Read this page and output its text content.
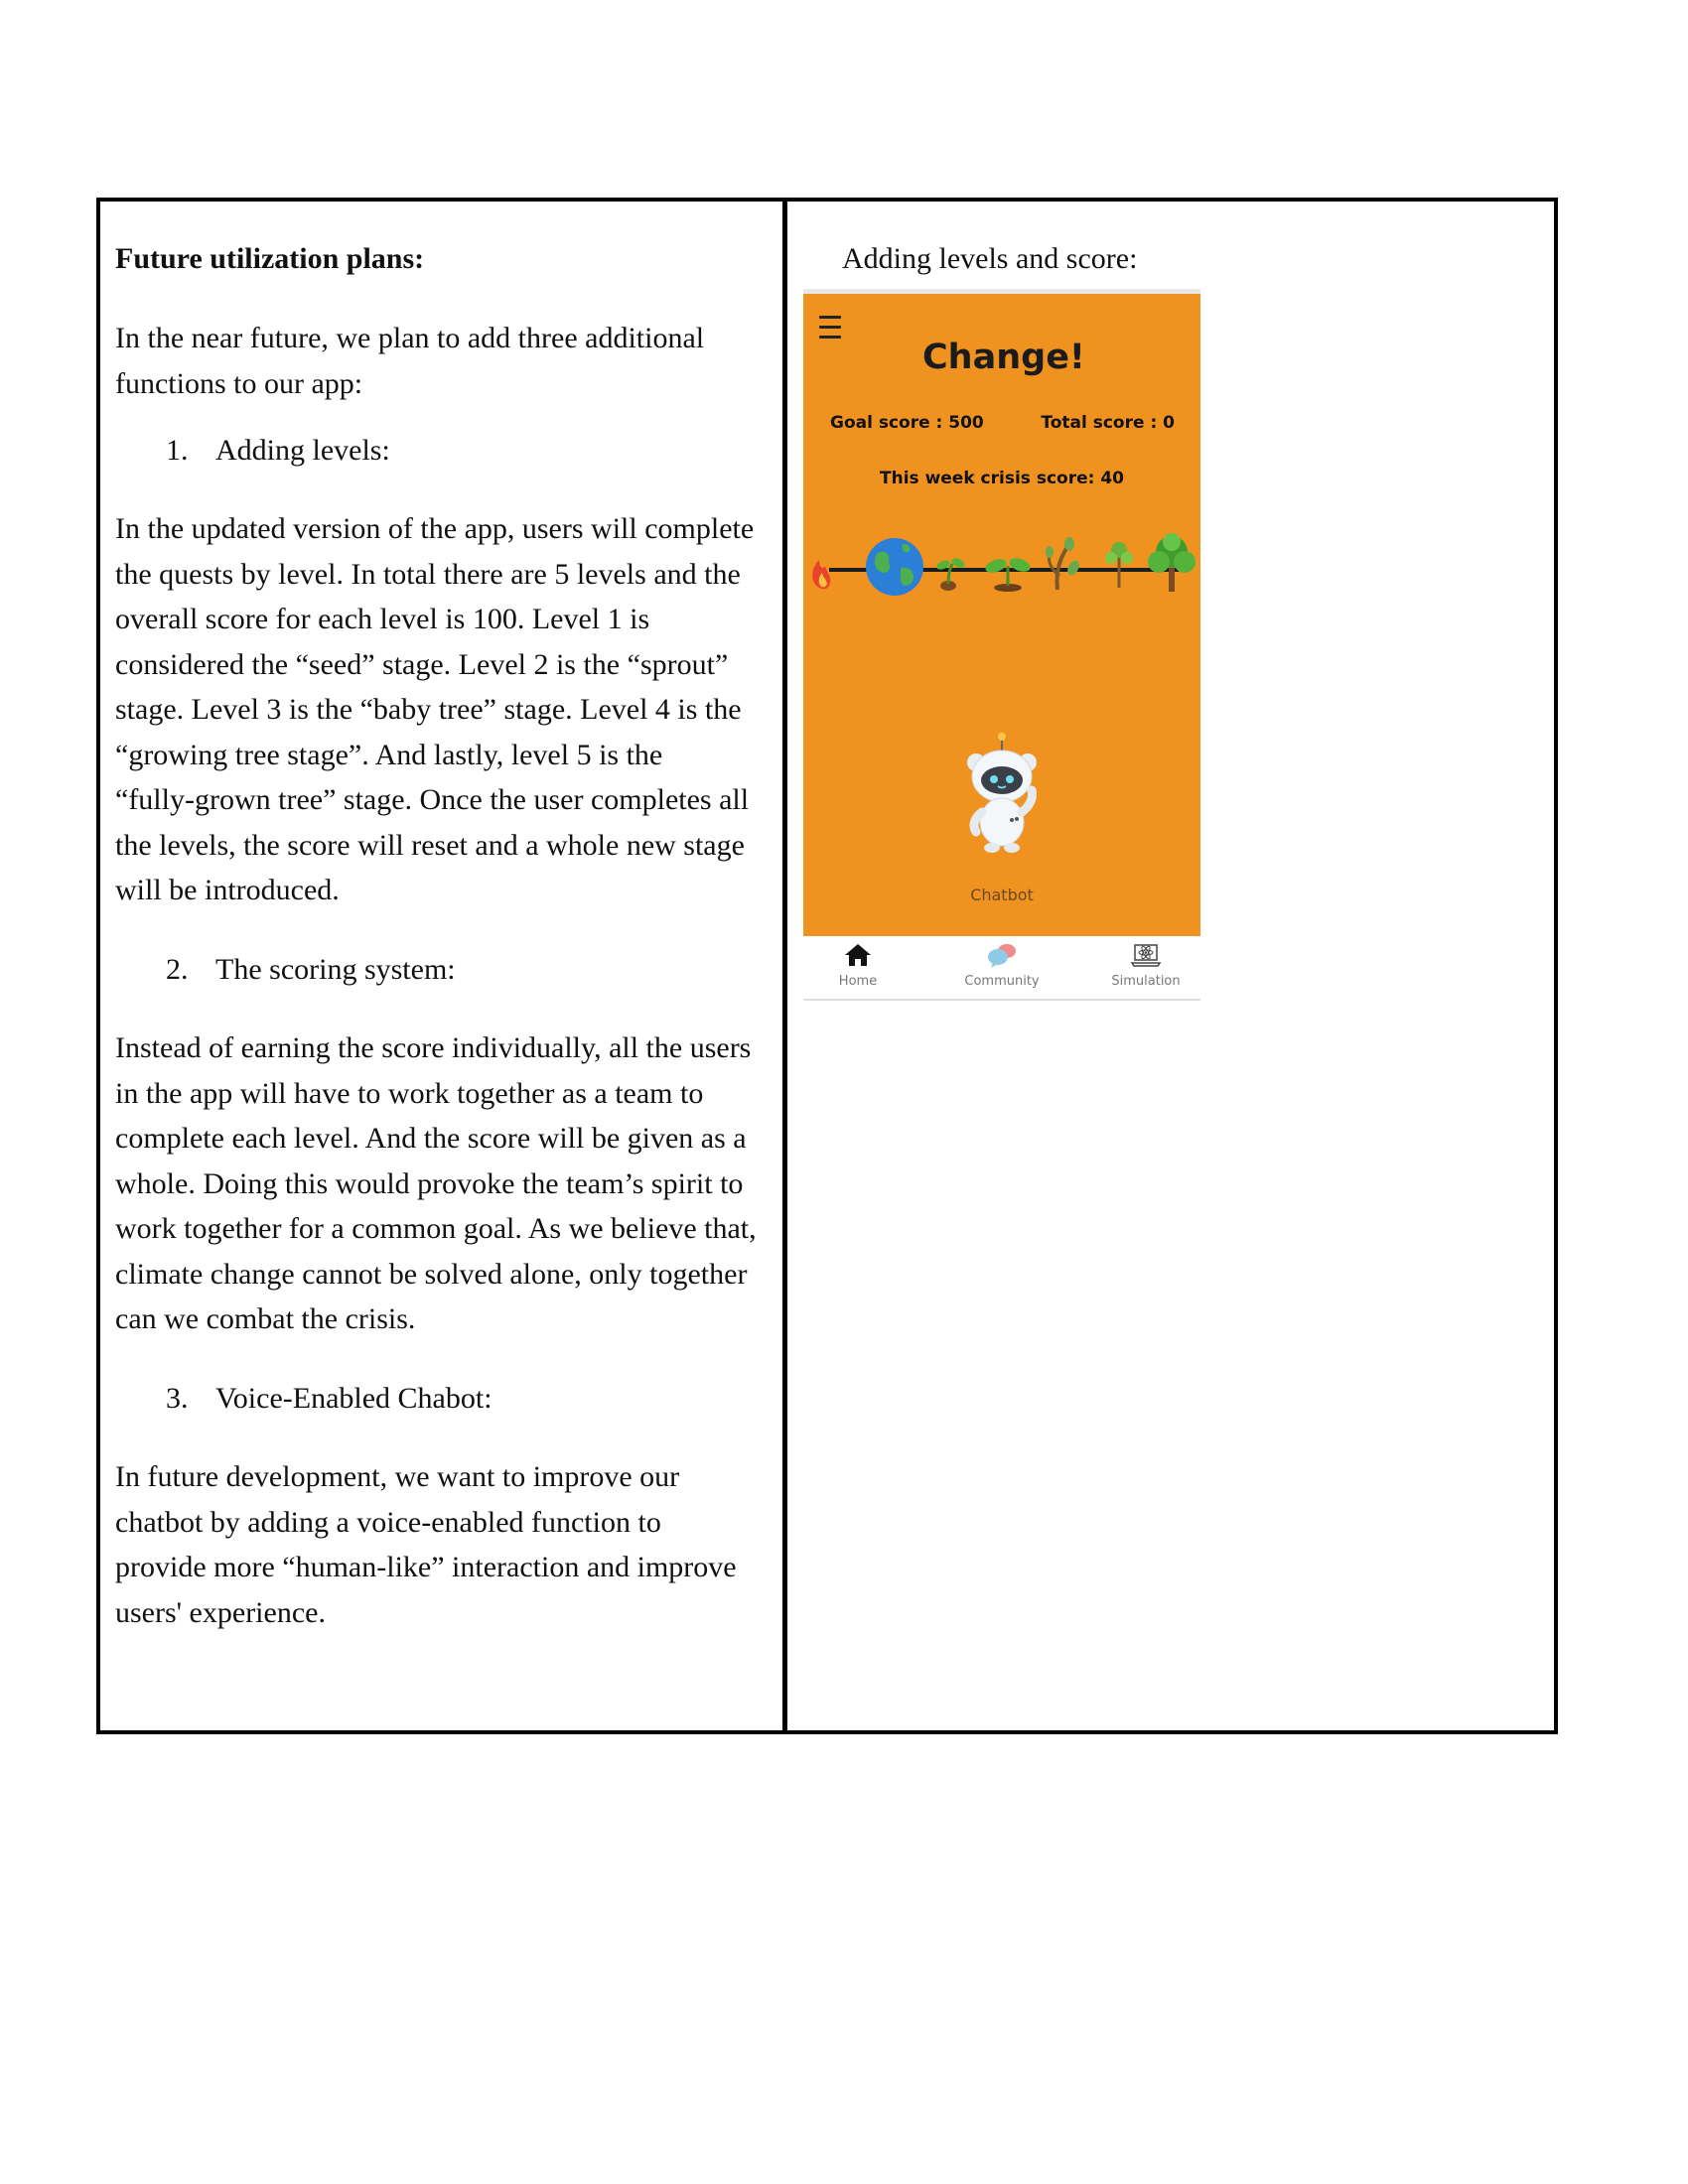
Future utilization plans:
In the near future, we plan to add three additional
functions to our app:
1. Adding levels:
In the updated version of the app, users will complete
the quests by level. In total there are 5 levels and the
overall score for each level is 100. Level 1 is
considered the “seed” stage. Level 2 is the “sprout”
stage. Level 3 is the “baby tree” stage. Level 4 is the
“growing tree stage”. And lastly, level 5 is the
“fully-grown tree” stage. Once the user completes all
the levels, the score will reset and a whole new stage
will be introduced.
2. The scoring system:
Instead of earning the score individually, all the users
in the app will have to work together as a team to
complete each level. And the score will be given as a
whole. Doing this would provoke the team’s spirit to
work together for a common goal. As we believe that,
climate change cannot be solved alone, only together
can we combat the crisis.
3. Voice-Enabled Chabot:
In future development, we want to improve our
chatbot by adding a voice-enabled function to
provide more “human-like” interaction and improve
users' experience.
Adding levels and score:
Change!
Goal score : 500	Total score : 0
This week crisis score: 40
Chatbot
Home	Community	Simulation
